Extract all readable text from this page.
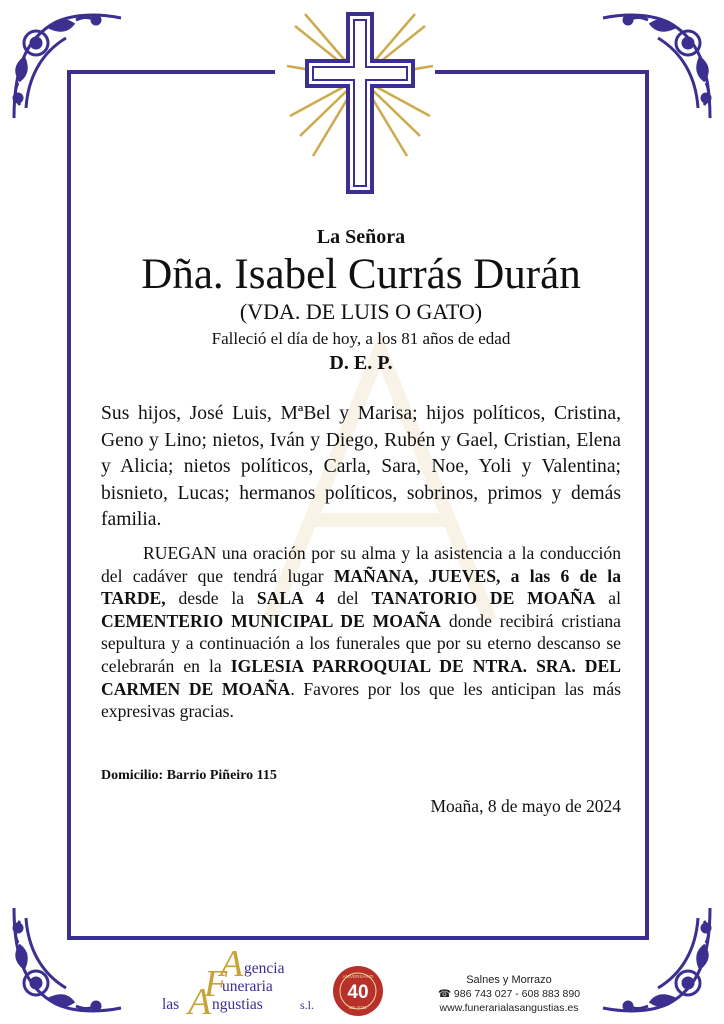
La Señora
Dña. Isabel Currás Durán
(VDA. DE LUIS O GATO)
Falleció el día de hoy, a los 81 años de edad
D. E. P.

Sus hijos, José Luis, MªBel y Marisa; hijos políticos, Cristina, Geno y Lino; nietos, Iván y Diego, Rubén y Gael, Cristian, Elena y Alicia; nietos políticos, Carla, Sara, Noe, Yoli y Valentina; bisnieto, Lucas; hermanos políticos, sobrinos, primos y demás familia.

RUEGAN una oración por su alma y la asistencia a la conducción del cadáver que tendrá lugar MAÑANA, JUEVES, a las 6 de la TARDE, desde la SALA 4 del TANATORIO DE MOAÑA al CEMENTERIO MUNICIPAL DE MOAÑA donde recibirá cristiana sepultura y a continuación a los funerales que por su eterno descanso se celebrarán en la IGLESIA PARROQUIAL DE NTRA. SRA. DEL CARMEN DE MOAÑA. Favores por los que les anticipan las más expresivas gracias.

Domicilio: Barrio Piñeiro 115
Moaña, 8 de mayo de 2024
A gencia
F
uneraria
las A ngustias	s.l.
40
ANIVERSARIO
EN 2021
Salnes y Morrazo
☎ 986 743 027 - 608 883 890
www.funerarialasangustias.es
